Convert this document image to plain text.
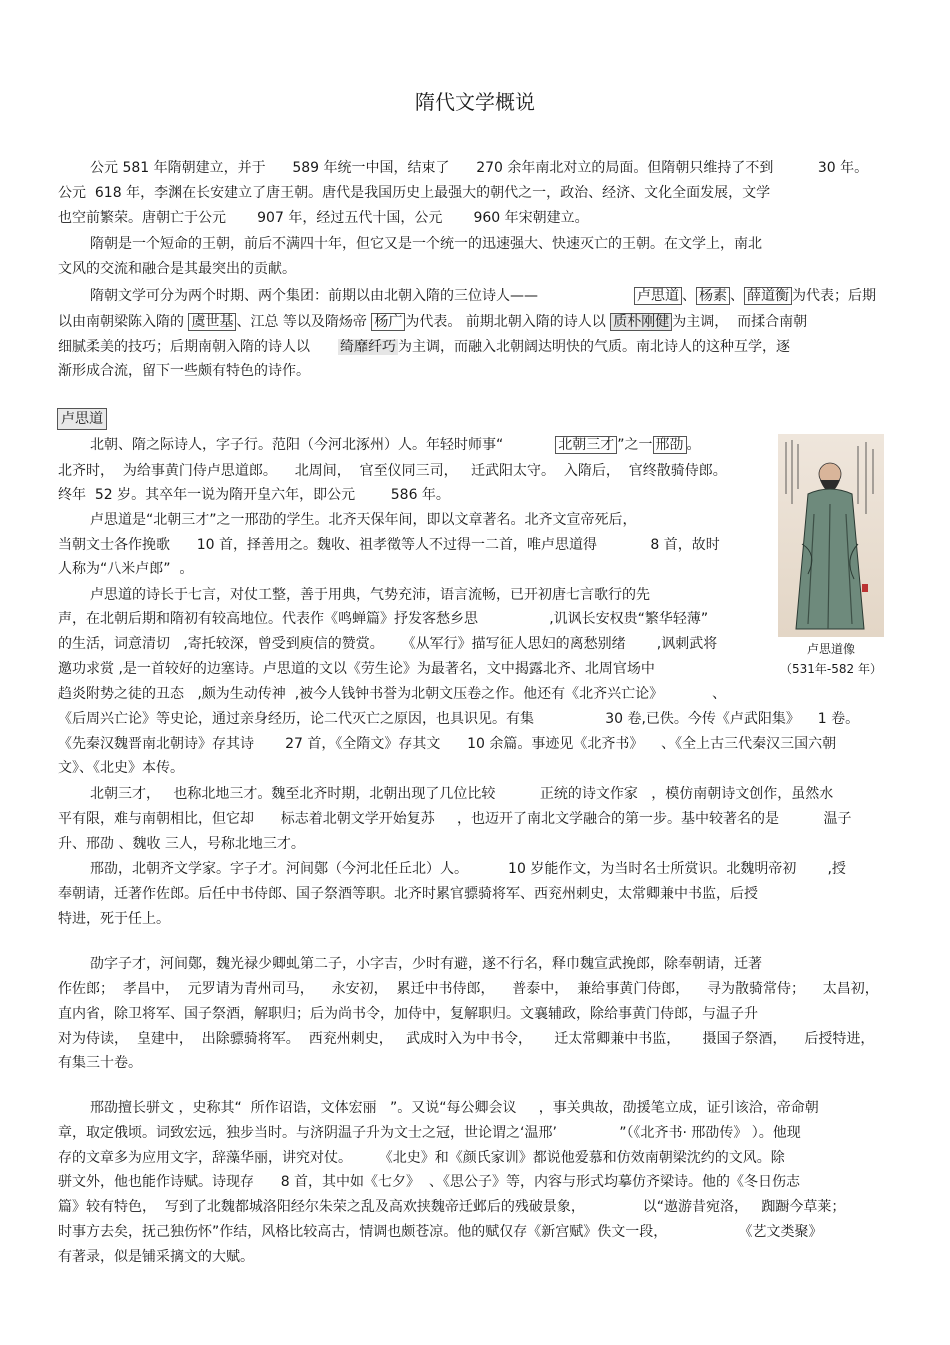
隋代文学概说
公元 581 年隋朝建立，并于      589 年统一中国，结束了      270 余年南北对立的局面。但隋朝只维持了不到          30 年。
公元  618 年，李渊在长安建立了唐王朝。唐代是我国历史上最强大的朝代之一，政治、经济、文化全面发展，文学
也空前繁荣。唐朝亡于公元       907 年，经过五代十国，公元       960 年宋朝建立。
隋朝是一个短命的王朝，前后不满四十年，但它又是一个统一的迅速强大、快速灭亡的王朝。在文学上，南北
文风的交流和融合是其最突出的贡献。
隋朝文学可分为两个时期、两个集团：前期以由北朝入隋的三位诗人——	卢思道 、 杨素 、 薛道衡 为代表；后期
以由南朝梁陈入隋的 虞世基 、江总 等以及隋炀帝 杨广 为代表。 前期北朝入隋的诗人以 质朴刚健 为主调，  而揉合南朝
细腻柔美的技巧；后期南朝入隋的诗人以 绮靡纤巧 为主调，而融入北朝阔达明快的气质。南北诗人的这种互学，逐
渐形成合流，留下一些颇有特色的诗作。
卢思道
北朝、隋之际诗人，字子行。范阳（今河北涿州）人。年轻时师事“	北朝三才 ”之一 邢劭 。
北齐时，  为给事黄门侍卢思道郎。    北周间，  官至仪同三司，   迁武阳太守。  入隋后，  官终散骑侍郎。
终年  52 岁。其卒年一说为隋开皇六年，即公元        586 年。
卢思道是“北朝三才”之一邢劭的学生。北齐天保年间，即以文章著名。北齐文宣帝死后，
当朝文士各作挽歌      10 首，择善用之。魏收、祖孝徵等人不过得一二首，唯卢思道得            8 首，故时
人称为“八米卢郎”  。
卢思道的诗长于七言，对仗工整，善于用典，气势充沛，语言流畅，已开初唐七言歌行的先
声，在北朝后期和隋初有较高地位。代表作《鸣蝉篇》抒发客愁乡思                ,讥讽长安权贵“繁华轻薄”
的生活，词意清切   ,寄托较深，曾受到庾信的赞赏。    《从军行》描写征人思妇的离愁别绪       ,讽刺武将
邀功求赏 ,是一首较好的边塞诗。卢思道的文以《劳生论》为最著名，文中揭露北齐、北周官场中
趋炎附势之徒的丑态   ,颇为生动传神  ,被今人钱钟书誉为北朝文压卷之作。他还有《北齐兴亡论》           、
《后周兴亡论》等史论，通过亲身经历，论二代灭亡之原因，也具识见。有集                30 卷,已佚。今传《卢武阳集》    1 卷。
《先秦汉魏晋南北朝诗》存其诗       27 首，《全隋文》存其文      10 余篇。事迹见《北齐书》    、《全上古三代秦汉三国六朝
文》、《北史》本传。
卢思道像
（531年-582 年）
北朝三才，   也称北地三才。魏至北齐时期，北朝出现了几位比较          正统的诗文作家   ，模仿南朝诗文创作，虽然水
平有限，难与南朝相比，但它却      标志着北朝文学开始复苏     ，也迈开了南北文学融合的第一步。基中较著名的是          温子
升、邢劭 、魏收 三人，号称北地三才。
邢劭，北朝齐文学家。字子才。河间鄚（今河北任丘北）人。         10 岁能作文，为当时名士所赏识。北魏明帝初       ,授
奉朝请，迁著作佐郎。后任中书侍郎、国子祭酒等职。北齐时累官骠骑将军、西兖州刺史，太常卿兼中书监，后授
特进，死于任上。
劭字子才，河间鄚，魏光禄少卿虬第二子，小字吉，少时有避，遂不行名，释巾魏宣武挽郎，除奉朝请，迁著
作佐郎；  孝昌中，  元罗请为青州司马，    永安初，  累迁中书侍郎，    普泰中，  兼给事黄门侍郎，    寻为散骑常侍；    太昌初，
直内省，除卫将军、国子祭酒，解职归；后为尚书令，加侍中，复解职归。文襄辅政，除给事黄门侍郎，与温子升
对为侍读，  皇建中，  出除骠骑将军。  西兖州刺史，   武成时入为中书令，     迁太常卿兼中书监，     摄国子祭酒，    后授特进，
有集三十卷。
邢劭擅长骈文 ，史称其“  所作诏诰，文体宏丽   ”。又说“每公卿会议     ，事关典故，劭援笔立成，证引该洽，帝命朝
章，取定俄顷。词致宏远，独步当时。与济阴温子升为文士之冠，世论谓之‘温邢’              ”（《北齐书· 邢劭传》 ）。他现
存的文章多为应用文字，辞藻华丽，讲究对仗。      《北史》和《颜氏家训》都说他爱慕和仿效南朝梁沈约的文风。除
骈文外，他也能作诗赋。诗现存      8 首，其中如《七夕》  、《思公子》等，内容与形式均摹仿齐梁诗。他的《冬日伤志
篇》较有特色，  写到了北魏都城洛阳经尔朱荣之乱及高欢挟魏帝迁邺后的残破景象，             以“遨游昔宛洛，   踟蹰今草莱；
时事方去矣，抚己独伤怀”作结，风格比较高古，情调也颇苍凉。他的赋仅存《新宫赋》佚文一段，                《艺文类聚》
有著录，似是铺采摛文的大赋。
